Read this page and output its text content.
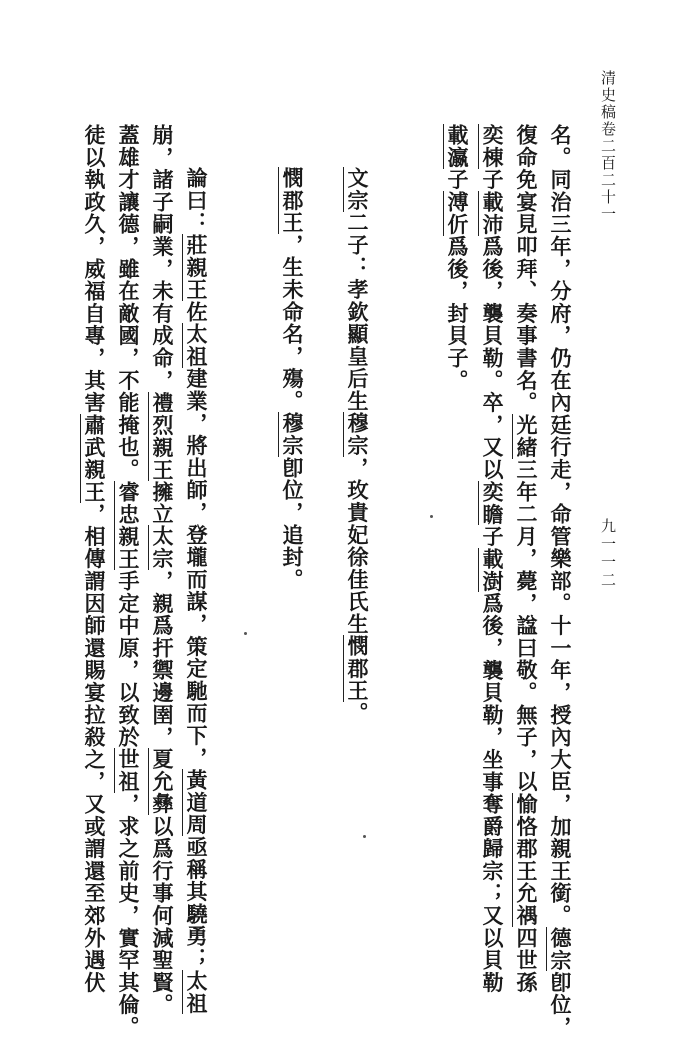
清史稿卷二百二十一
九一一二
名。同治三年，分府，仍在內廷行走，命管樂部。十一年，授內大臣，加親王銜。德宗卽位，
復命免宴見叩拜、奏事書名。光緒三年二月，薨，諡曰敬。無子，以愉恪郡王允禑四世孫
奕棟子載沛爲後，襲貝勒。卒，又以奕瞻子載澍爲後，襲貝勒，坐事奪爵歸宗；又以貝勒
載瀛子溥伒爲後，封貝子。
文宗二子：孝欽顯皇后生穆宗，玫貴妃徐佳氏生憫郡王。
憫郡王，生未命名，殤。穆宗卽位，追封。
論曰：莊親王佐太祖建業，將出師，登壠而謀，策定馳而下，黃道周亟稱其驍勇；太祖
崩，諸子嗣業，未有成命，禮烈親王擁立太宗，親爲扞禦邊圉，夏允彝以爲行事何減聖賢。
蓋雄才讓德，雖在敵國，不能掩也。睿忠親王手定中原，以致於世祖，求之前史，實罕其倫。
徒以執政久，威福自專，其害肅武親王，相傳謂因師還賜宴拉殺之，又或謂還至郊外遇伏
